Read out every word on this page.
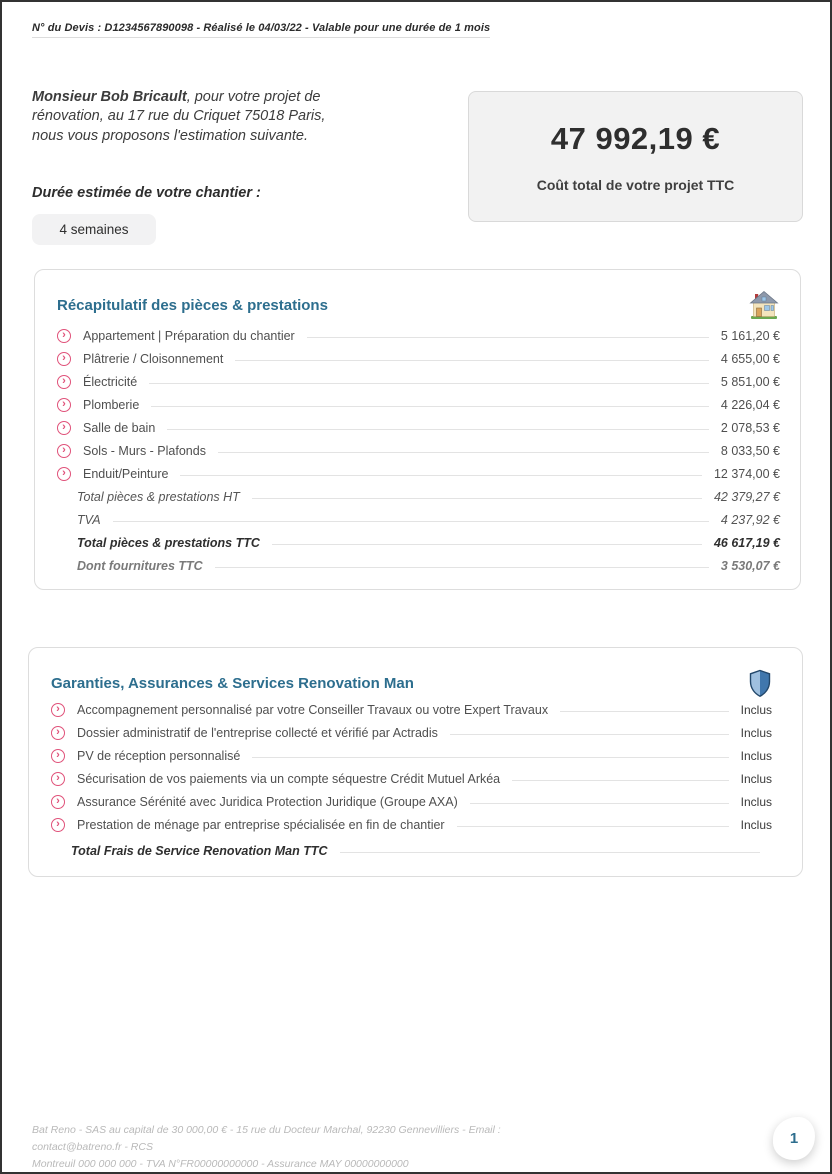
N° du Devis : D1234567890098 - Réalisé le 04/03/22 - Valable pour une durée de 1 mois

Monsieur Bob Bricault, pour votre projet de rénovation, au 17 rue du Criquet 75018 Paris, nous vous proposons l'estimation suivante.	47 992,19 €
Coût total de votre projet TTC
Durée estimée de votre chantier :
4 semaines
Récapitulatif des pièces & prestations
›	Appartement | Préparation du chantier	5 161,20 €
›	Plâtrerie / Cloisonnement	4 655,00 €
›	Électricité	5 851,00 €
›	Plomberie	4 226,04 €
›	Salle de bain	2 078,53 €
›	Sols - Murs - Plafonds	8 033,50 €
›	Enduit/Peinture	12 374,00 €
Total pièces & prestations HT	42 379,27 €
TVA	4 237,92 €
Total pièces & prestations TTC	46 617,19 €
Dont fournitures TTC	3 530,07 €
Garanties, Assurances & Services Renovation Man
›	Accompagnement personnalisé par votre Conseiller Travaux ou votre Expert Travaux	Inclus
›	Dossier administratif de l'entreprise collecté et vérifié par Actradis	Inclus
›	PV de réception personnalisé	Inclus
›	Sécurisation de vos paiements via un compte séquestre Crédit Mutuel Arkéa	Inclus
›	Assurance Sérénité avec Juridica Protection Juridique (Groupe AXA)	Inclus
›	Prestation de ménage par entreprise spécialisée en fin de chantier	Inclus
Total Frais de Service Renovation Man TTC
Bat Reno - SAS au capital de 30 000,00 € - 15 rue du Docteur Marchal, 92230 Gennevilliers - Email : contact@batreno.fr - RCS
Montreuil 000 000 000 - TVA N°FR00000000000 - Assurance MAY 00000000000
1
